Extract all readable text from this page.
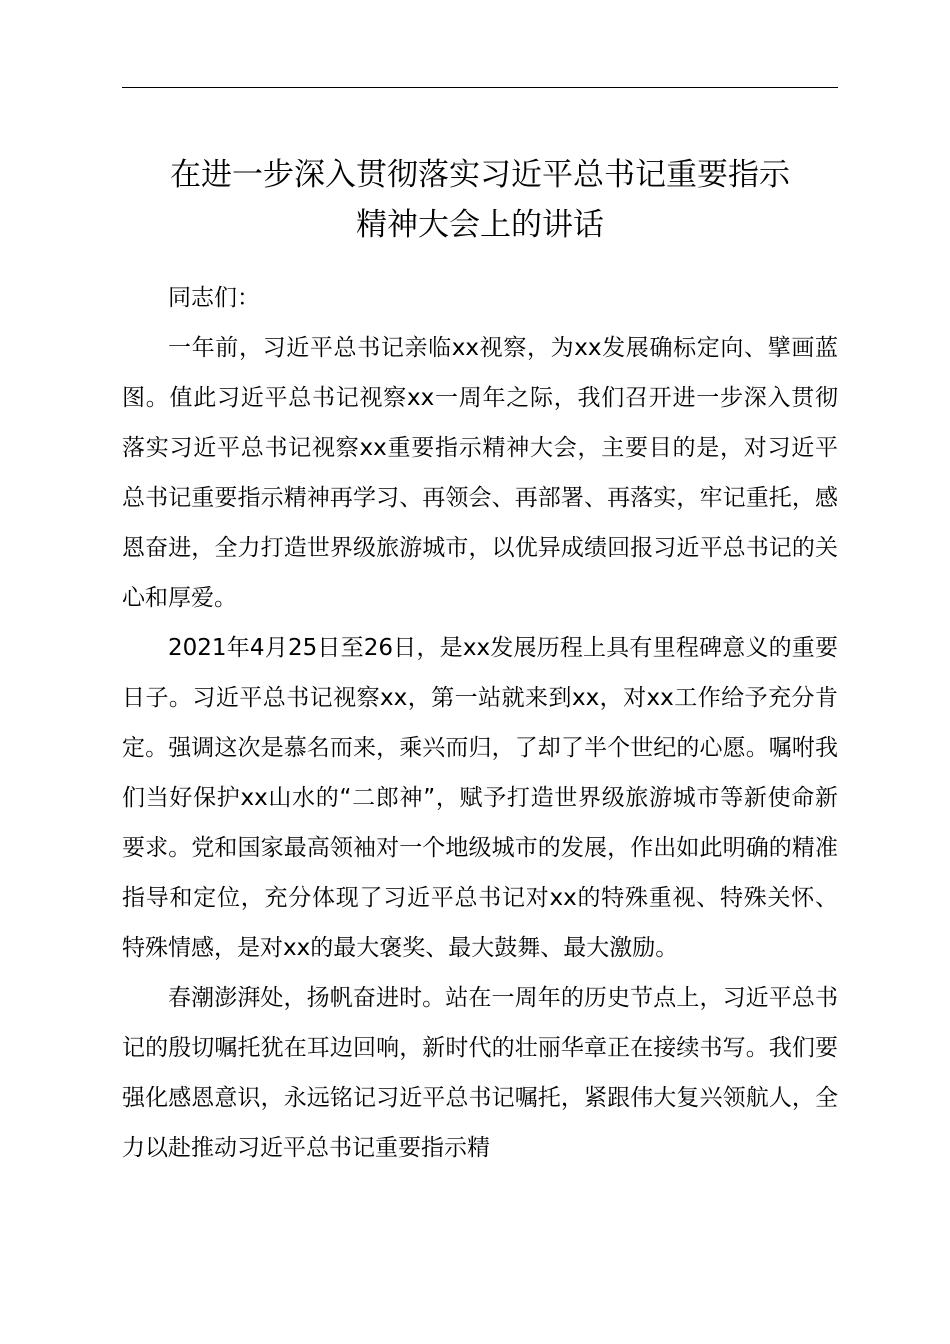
在进一步深入贯彻落实习近平总书记重要指示
精神大会上的讲话

同志们：

一年前，习近平总书记亲临xx视察，为xx发展确标定向、擘画蓝图。值此习近平总书记视察xx一周年之际，我们召开进一步深入贯彻落实习近平总书记视察xx重要指示精神大会，主要目的是，对习近平总书记重要指示精神再学习、再领会、再部署、再落实，牢记重托，感恩奋进，全力打造世界级旅游城市，以优异成绩回报习近平总书记的关心和厚爱。

2021年4月25日至26日，是xx发展历程上具有里程碑意义的重要日子。习近平总书记视察xx，第一站就来到xx，对xx工作给予充分肯定。强调这次是慕名而来，乘兴而归，了却了半个世纪的心愿。嘱咐我们当好保护xx山水的“二郎神”，赋予打造世界级旅游城市等新使命新要求。党和国家最高领袖对一个地级城市的发展，作出如此明确的精准指导和定位，充分体现了习近平总书记对xx的特殊重视、特殊关怀、特殊情感，是对xx的最大褒奖、最大鼓舞、最大激励。

春潮澎湃处，扬帆奋进时。站在一周年的历史节点上，习近平总书记的殷切嘱托犹在耳边回响，新时代的壮丽华章正在接续书写。我们要强化感恩意识，永远铭记习近平总书记嘱托，紧跟伟大复兴领航人，全力以赴推动习近平总书记重要指示精
